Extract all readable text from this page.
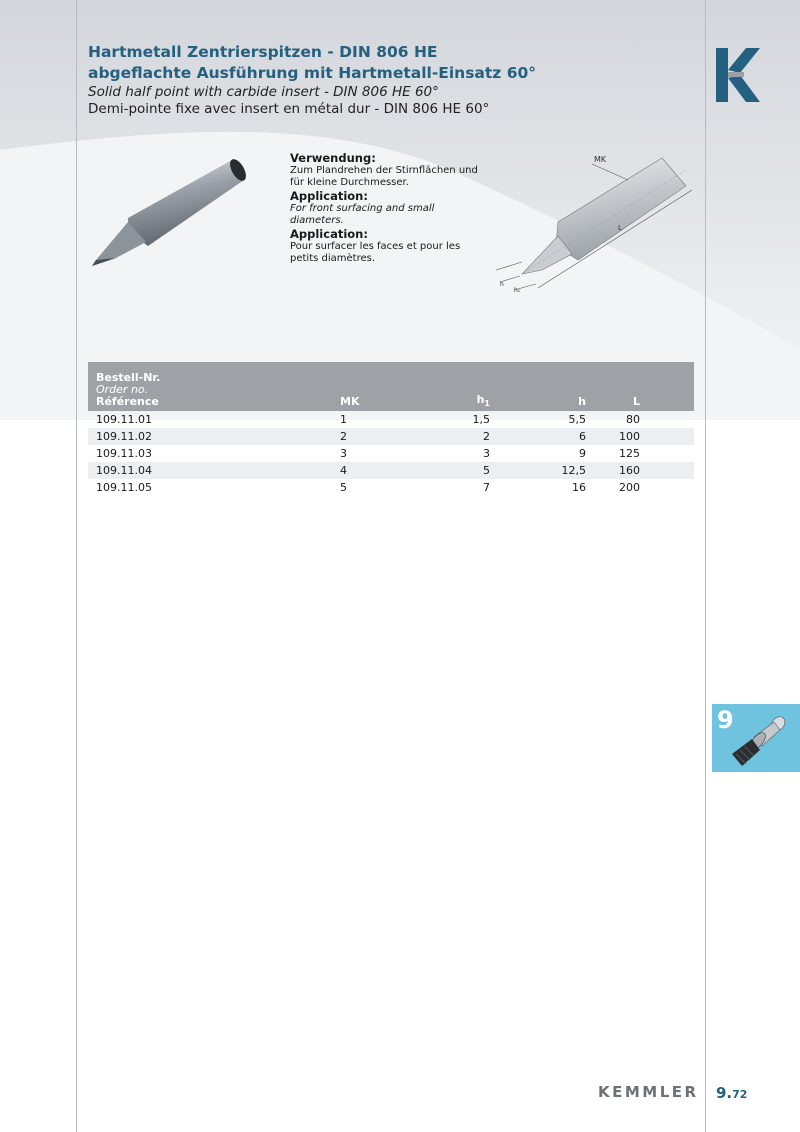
Hartmetall Zentrierspitzen - DIN 806 HE
abgeflachte Ausführung mit Hartmetall-Einsatz 60°
Solid half point with carbide insert - DIN 806 HE 60°
Demi-pointe fixe avec insert en métal dur - DIN 806 HE 60°
Verwendung:
Zum Plandrehen der Stirnflächen und für kleine Durchmesser.
Application:
For front surfacing and small diameters.
Application:
Pour surfacer les faces et pour les petits diamètres.
MK
L
h
h₁
Bestell-Nr.
Order no.
Référence	MK	$h_1$	h	L
109.11.01	1	1,5	5,5	80
109.11.02	2	2	6	100
109.11.03	3	3	9	125
109.11.04	4	5	12,5	160
109.11.05	5	7	16	200
9
KEMMLER 9.72
